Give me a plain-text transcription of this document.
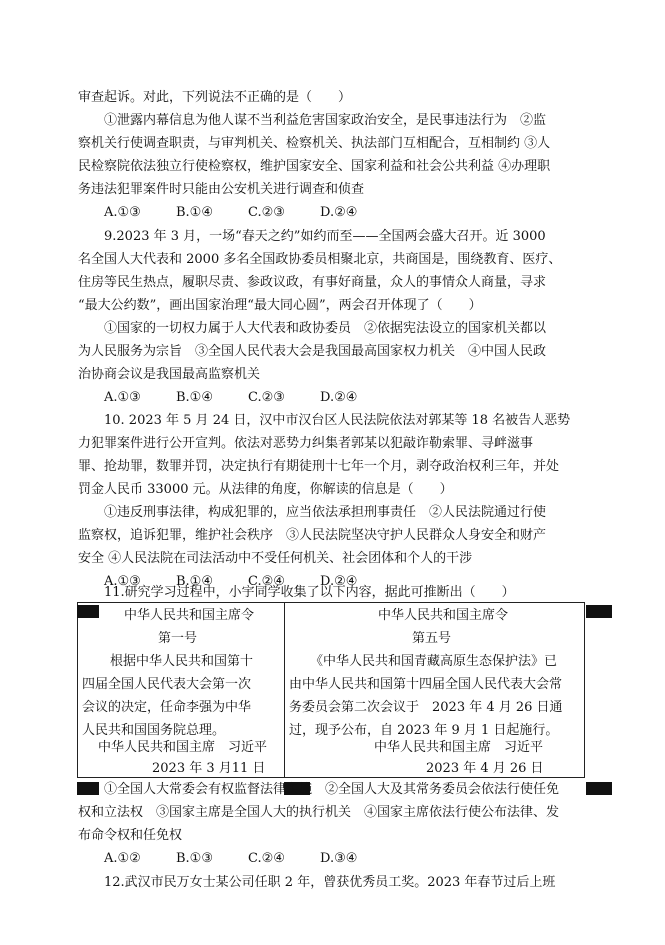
审查起诉。对此，下列说法不正确的是（　　）
①泄露内幕信息为他人谋不当利益危害国家政治安全，是民事违法行为　②监
察机关行使调查职责，与审判机关、检察机关、执法部门互相配合，互相制约 ③人
民检察院依法独立行使检察权，维护国家安全、国家利益和社会公共利益 ④办理职
务违法犯罪案件时只能由公安机关进行调查和侦查
A.①③	B.①④	C.②③	D.②④
9.2023 年 3 月，一场“春天之约”如约而至——全国两会盛大召开。近 3000
名全国人大代表和 2000 多名全国政协委员相聚北京，共商国是，围绕教育、医疗、
住房等民生热点，履职尽责、参政议政，有事好商量，众人的事情众人商量，寻求
“最大公约数”，画出国家治理“最大同心圆”，两会召开体现了（　　）
①国家的一切权力属于人大代表和政协委员　②依据宪法设立的国家机关都以
为人民服务为宗旨　③全国人民代表大会是我国最高国家权力机关　④中国人民政
治协商会议是我国最高监察机关
A.①③	B.①④	C.②③	D.②④
10. 2023 年 5 月 24 日，汉中市汉台区人民法院依法对郭某等 18 名被告人恶势
力犯罪案件进行公开宣判。依法对恶势力纠集者郭某以犯敲诈勒索罪、寻衅滋事
罪、抢劫罪，数罪并罚，决定执行有期徒刑十七年一个月，剥夺政治权利三年，并处
罚金人民币 33000 元。从法律的角度，你解读的信息是（　　）
①违反刑事法律，构成犯罪的，应当依法承担刑事责任　②人民法院通过行使
监察权，追诉犯罪，维护社会秩序　③人民法院坚决守护人民群众人身安全和财产
安全 ④人民法院在司法活动中不受任何机关、社会团体和个人的干涉
A.①③	B.①④	C.②④	D.②④
11.研究学习过程中，小宇同学收集了以下内容，据此可推断出（　　）
中华人民共和国主席令
第一号
根据中华人民共和国第十
四届全国人民代表大会第一次
会议的决定，任命李强为中华
人民共和国国务院总理。
中华人民共和国主席　习近平
2023 年 3 月11 日
中华人民共和国主席令
第五号
《中华人民共和国青藏高原生态保护法》已
由中华人民共和国第十四届全国人民代表大会常
务委员会第二次会议于　2023 年 4 月 26 日通
过，现予公布，自 2023 年 9 月 1 日起施行。
中华人民共和国主席　习近平
2023 年 4 月 26 日
①全国人大常委会有权监督法律实施　②全国人大及其常务委员会依法行使任免
权和立法权　③国家主席是全国人大的执行机关　④国家主席依法行使公布法律、发
布命令权和任免权
A.①②	B.①③	C.②④	D.③④
12.武汉市民万女士某公司任职 2 年，曾获优秀员工奖。2023 年春节过后上班
